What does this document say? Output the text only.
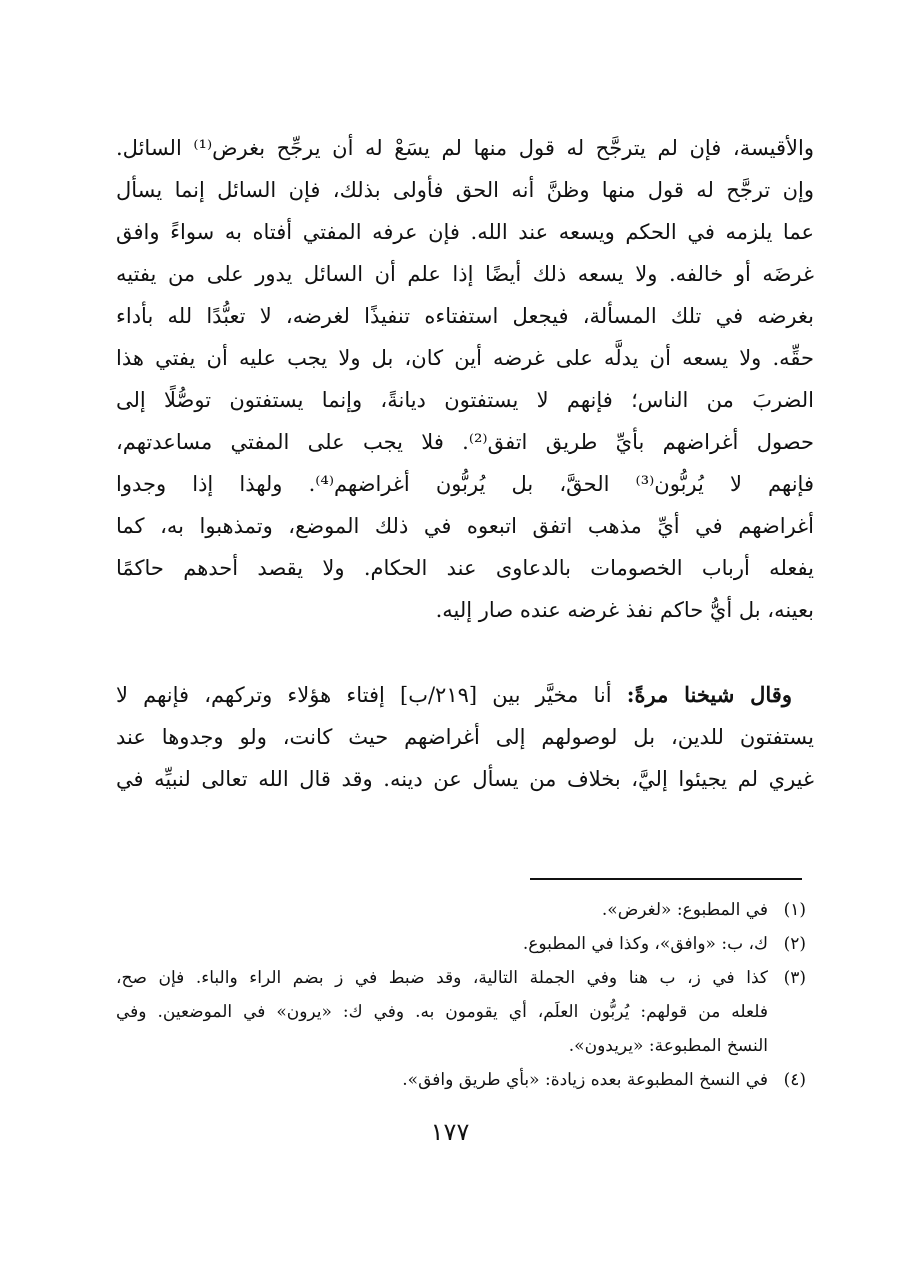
والأقيسة، فإن لم يترجَّح له قول منها لم يسَعْ له أن يرجِّح بغرض⁽¹⁾ السائل.
وإن ترجَّح له قول منها وظنَّ أنه الحق فأولى بذلك، فإن السائل إنما يسأل
عما يلزمه في الحكم ويسعه عند الله. فإن عرفه المفتي أفتاه به سواءً وافق
غرضَه أو خالفه. ولا يسعه ذلك أيضًا إذا علم أن السائل يدور على من يفتيه
بغرضه في تلك المسألة، فيجعل استفتاءه تنفيذًا لغرضه، لا تعبُّدًا لله بأداء
حقِّه. ولا يسعه أن يدلَّه على غرضه أين كان، بل ولا يجب عليه أن يفتي هذا
الضربَ من الناس؛ فإنهم لا يستفتون ديانةً، وإنما يستفتون توصُّلًا إلى
حصول أغراضهم بأيِّ طريق اتفق⁽²⁾. فلا يجب على المفتي مساعدتهم،
فإنهم لا يُربُّون⁽³⁾ الحقَّ، بل يُربُّون أغراضهم⁽⁴⁾. ولهذا إذا وجدوا
أغراضهم في أيِّ مذهب اتفق اتبعوه في ذلك الموضع، وتمذهبوا به، كما
يفعله أرباب الخصومات بالدعاوى عند الحكام. ولا يقصد أحدهم حاكمًا
بعينه، بل أيُّ حاكم نفذ غرضه عنده صار إليه.
وقال شيخنا مرةً: أنا مخيَّر بين [٢١٩/ب] إفتاء هؤلاء وتركهم، فإنهم لا
يستفتون للدين، بل لوصولهم إلى أغراضهم حيث كانت، ولو وجدوها عند
غيري لم يجيئوا إليَّ، بخلاف من يسأل عن دينه. وقد قال الله تعالى لنبيِّه في
(١)في المطبوع: «لغرض».
(٢)ك، ب: «وافق»، وكذا في المطبوع.
(٣)كذا في ز، ب هنا وفي الجملة التالية، وقد ضبط في ز بضم الراء والباء. فإن صح،
فلعله من قولهم: يُربُّون العلَم، أي يقومون به. وفي ك: «يرون» في الموضعين. وفي
النسخ المطبوعة: «يريدون».
(٤)في النسخ المطبوعة بعده زيادة: «بأي طريق وافق».
١٧٧
